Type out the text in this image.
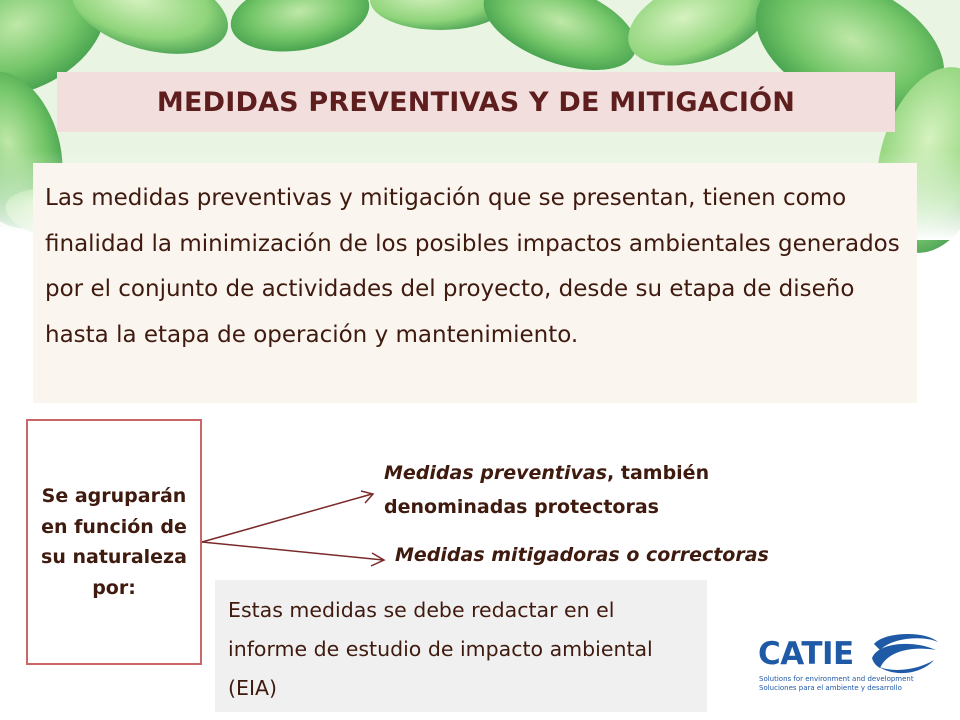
MEDIDAS PREVENTIVAS Y DE MITIGACIÓN
Las medidas preventivas y mitigación que se presentan, tienen como finalidad la minimización de los posibles impactos ambientales generados por el conjunto de actividades del proyecto, desde su etapa de diseño hasta la etapa de operación y mantenimiento.
Se agruparán en función de su naturaleza por:
Medidas preventivas, también denominadas protectoras
Medidas mitigadoras o correctoras
Estas medidas se debe redactar en el informe de estudio de impacto ambiental (EIA)
CATIE
Solutions for environment and development
Soluciones para el ambiente y desarrollo
